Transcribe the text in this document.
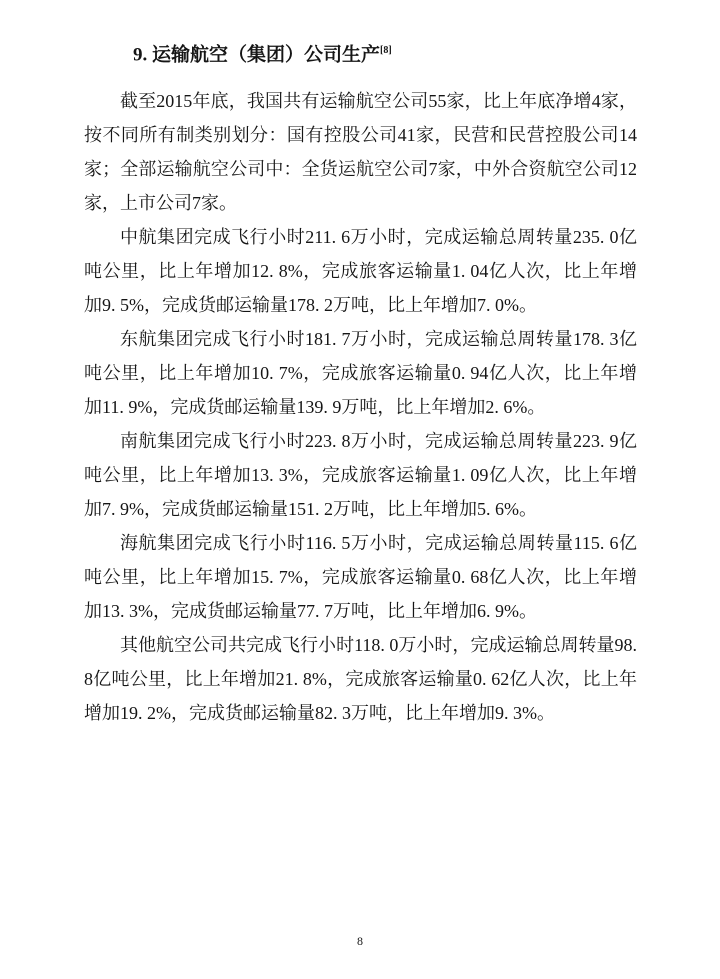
9. 运输航空（集团）公司生产[8]

截至2015年底，我国共有运输航空公司55家，比上年底净增4家，按不同所有制类别划分：国有控股公司41家，民营和民营控股公司14家；全部运输航空公司中：全货运航空公司7家，中外合资航空公司12家，上市公司7家。

中航集团完成飞行小时211. 6万小时，完成运输总周转量235. 0亿吨公里，比上年增加12. 8%，完成旅客运输量1. 04亿人次，比上年增加9. 5%，完成货邮运输量178. 2万吨，比上年增加7. 0%。

东航集团完成飞行小时181. 7万小时，完成运输总周转量178. 3亿吨公里，比上年增加10. 7%，完成旅客运输量0. 94亿人次，比上年增加11. 9%，完成货邮运输量139. 9万吨，比上年增加2. 6%。

南航集团完成飞行小时223. 8万小时，完成运输总周转量223. 9亿吨公里，比上年增加13. 3%，完成旅客运输量1. 09亿人次，比上年增加7. 9%，完成货邮运输量151. 2万吨，比上年增加5. 6%。

海航集团完成飞行小时116. 5万小时，完成运输总周转量115. 6亿吨公里，比上年增加15. 7%，完成旅客运输量0. 68亿人次，比上年增加13. 3%，完成货邮运输量77. 7万吨，比上年增加6. 9%。

其他航空公司共完成飞行小时118. 0万小时，完成运输总周转量98. 8亿吨公里，比上年增加21. 8%，完成旅客运输量0. 62亿人次，比上年增加19. 2%，完成货邮运输量82. 3万吨，比上年增加9. 3%。

8
